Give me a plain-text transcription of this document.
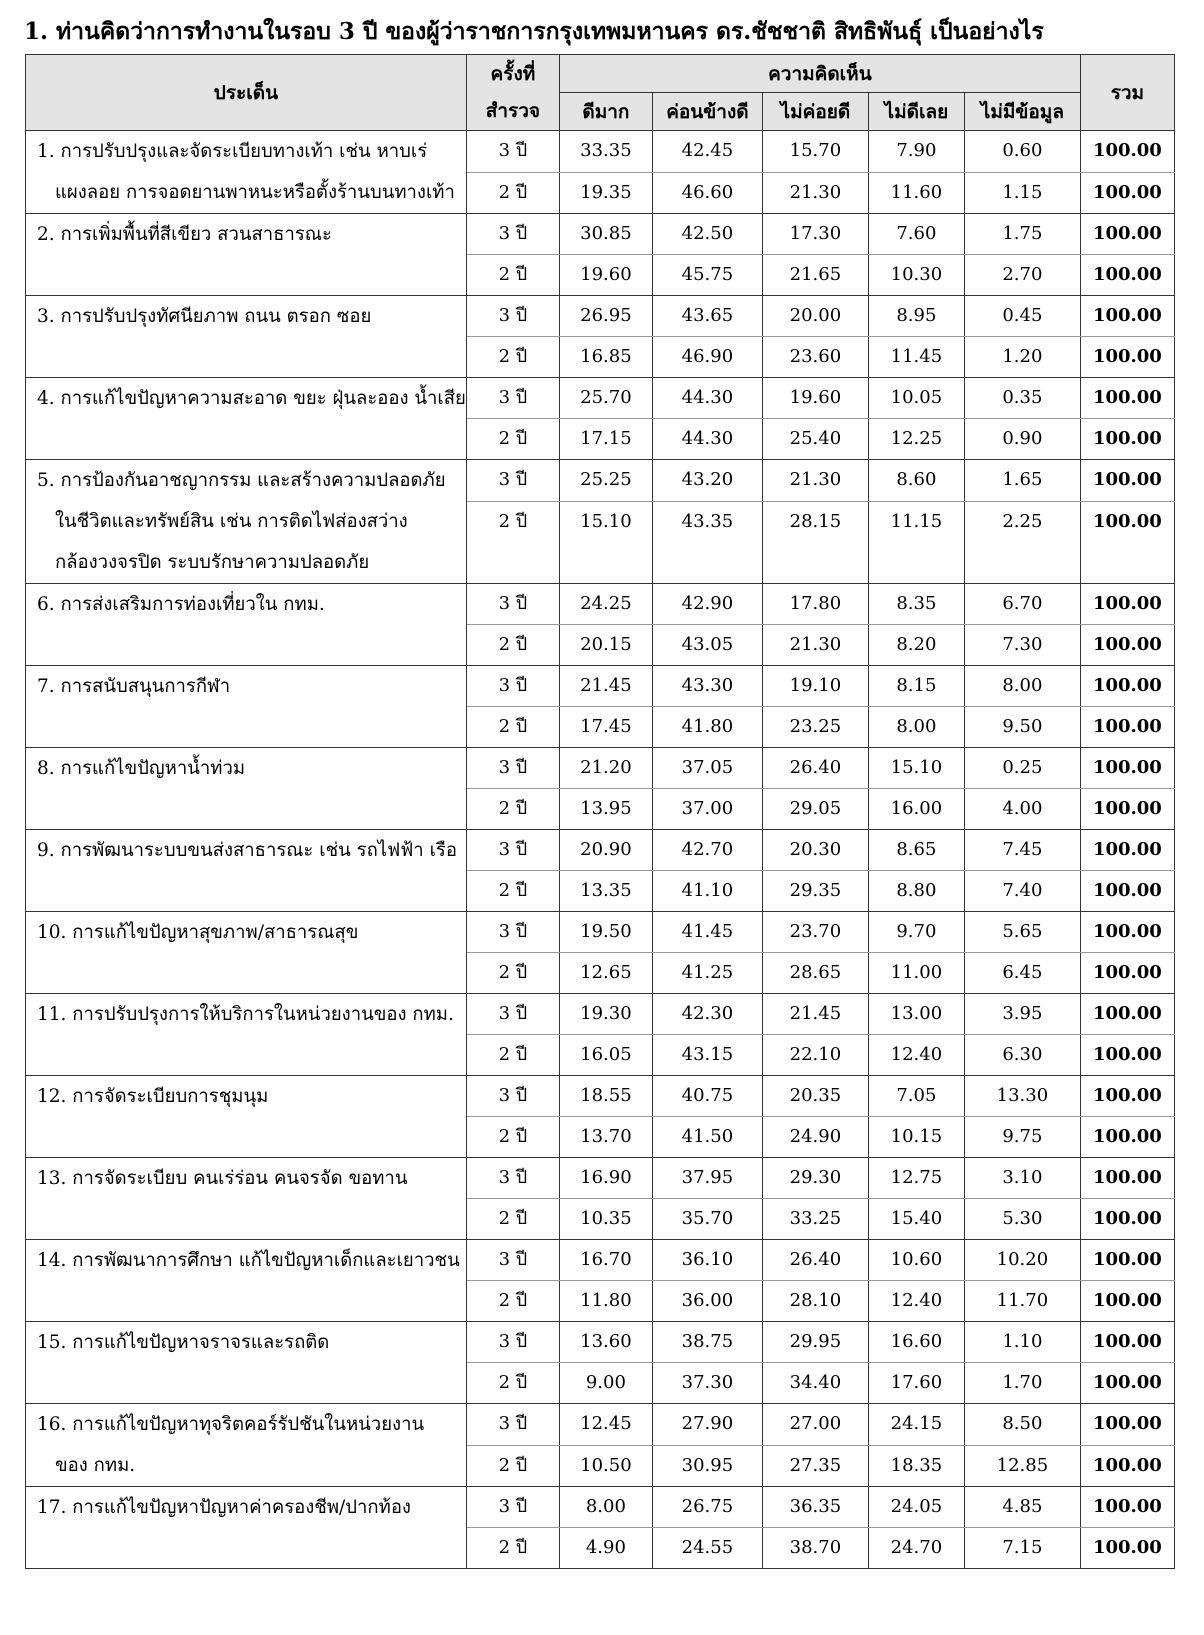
1. ท่านคิดว่าการทำงานในรอบ 3 ปี ของผู้ว่าราชการกรุงเทพมหานคร ดร.ชัชชาติ สิทธิพันธุ์ เป็นอย่างไร
ประเด็น	ครั้งที่	ความคิดเห็น					รวม
	สำรวจ	ดีมาก	ค่อนข้างดี	ไม่ค่อยดี	ไม่ดีเลย	ไม่มีข้อมูล	

1. การปรับปรุงและจัดระเบียบทางเท้า เช่น หาบเร่
แผงลอย การจอดยานพาหนะหรือตั้งร้านบนทางเท้า	3 ปี	33.35	42.45	15.70	7.90	0.60	100.00
	2 ปี	19.35	46.60	21.30	11.60	1.15	100.00

2. การเพิ่มพื้นที่สีเขียว สวนสาธารณะ	3 ปี	30.85	42.50	17.30	7.60	1.75	100.00
	2 ปี	19.60	45.75	21.65	10.30	2.70	100.00

3. การปรับปรุงทัศนียภาพ ถนน ตรอก ซอย	3 ปี	26.95	43.65	20.00	8.95	0.45	100.00
	2 ปี	16.85	46.90	23.60	11.45	1.20	100.00

4. การแก้ไขปัญหาความสะอาด ขยะ ฝุ่นละออง น้ำเสีย	3 ปี	25.70	44.30	19.60	10.05	0.35	100.00
	2 ปี	17.15	44.30	25.40	12.25	0.90	100.00

5. การป้องกันอาชญากรรม และสร้างความปลอดภัย
ในชีวิตและทรัพย์สิน เช่น การติดไฟส่องสว่าง
กล้องวงจรปิด ระบบรักษาความปลอดภัย	3 ปี	25.25	43.20	21.30	8.60	1.65	100.00
	2 ปี	15.10	43.35	28.15	11.15	2.25	100.00

6. การส่งเสริมการท่องเที่ยวใน กทม.	3 ปี	24.25	42.90	17.80	8.35	6.70	100.00
	2 ปี	20.15	43.05	21.30	8.20	7.30	100.00

7. การสนับสนุนการกีฬา	3 ปี	21.45	43.30	19.10	8.15	8.00	100.00
	2 ปี	17.45	41.80	23.25	8.00	9.50	100.00

8. การแก้ไขปัญหาน้ำท่วม	3 ปี	21.20	37.05	26.40	15.10	0.25	100.00
	2 ปี	13.95	37.00	29.05	16.00	4.00	100.00

9. การพัฒนาระบบขนส่งสาธารณะ เช่น รถไฟฟ้า เรือ	3 ปี	20.90	42.70	20.30	8.65	7.45	100.00
	2 ปี	13.35	41.10	29.35	8.80	7.40	100.00

10. การแก้ไขปัญหาสุขภาพ/สาธารณสุข	3 ปี	19.50	41.45	23.70	9.70	5.65	100.00
	2 ปี	12.65	41.25	28.65	11.00	6.45	100.00

11. การปรับปรุงการให้บริการในหน่วยงานของ กทม.	3 ปี	19.30	42.30	21.45	13.00	3.95	100.00
	2 ปี	16.05	43.15	22.10	12.40	6.30	100.00

12. การจัดระเบียบการชุมนุม	3 ปี	18.55	40.75	20.35	7.05	13.30	100.00
	2 ปี	13.70	41.50	24.90	10.15	9.75	100.00

13. การจัดระเบียบ คนเร่ร่อน คนจรจัด ขอทาน	3 ปี	16.90	37.95	29.30	12.75	3.10	100.00
	2 ปี	10.35	35.70	33.25	15.40	5.30	100.00

14. การพัฒนาการศึกษา แก้ไขปัญหาเด็กและเยาวชน	3 ปี	16.70	36.10	26.40	10.60	10.20	100.00
	2 ปี	11.80	36.00	28.10	12.40	11.70	100.00

15. การแก้ไขปัญหาจราจรและรถติด	3 ปี	13.60	38.75	29.95	16.60	1.10	100.00
	2 ปี	9.00	37.30	34.40	17.60	1.70	100.00

16. การแก้ไขปัญหาทุจริตคอร์รัปชันในหน่วยงาน
ของ กทม.	3 ปี	12.45	27.90	27.00	24.15	8.50	100.00
	2 ปี	10.50	30.95	27.35	18.35	12.85	100.00

17. การแก้ไขปัญหาปัญหาค่าครองชีพ/ปากท้อง	3 ปี	8.00	26.75	36.35	24.05	4.85	100.00
	2 ปี	4.90	24.55	38.70	24.70	7.15	100.00
